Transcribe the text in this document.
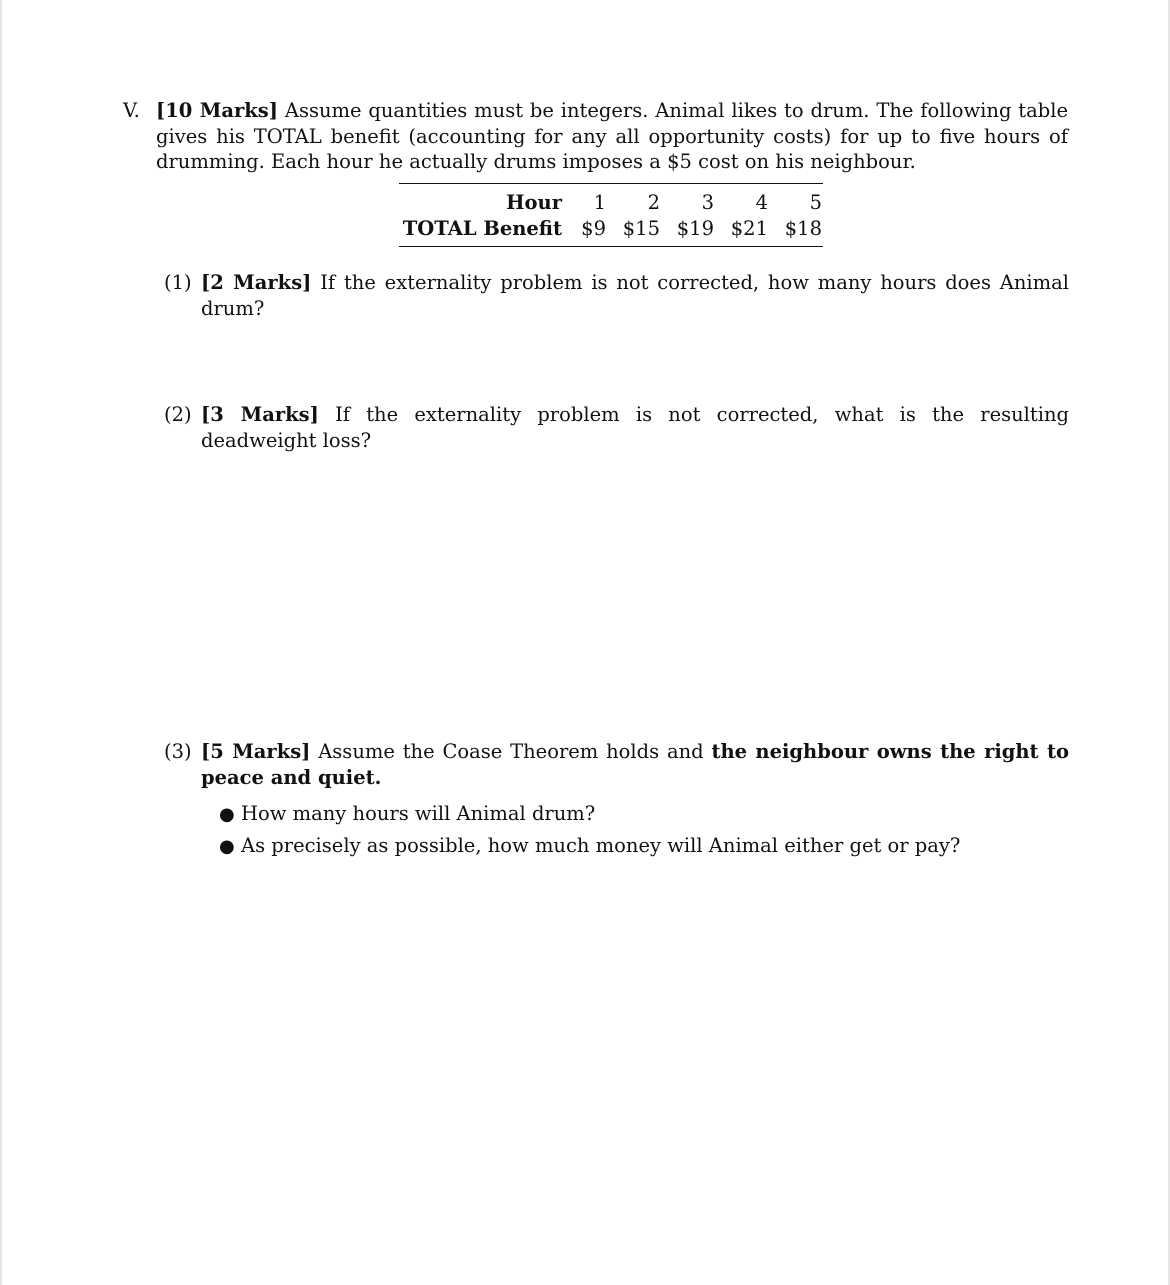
V. [10 Marks] Assume quantities must be integers. Animal likes to drum. The following table gives his TOTAL benefit (accounting for any all opportunity costs) for up to five hours of drumming. Each hour he actually drums imposes a $5 cost on his neighbour.
Hour	1	2	3	4	5
TOTAL Benefit $9 $15 $19 $21 $18
(1) [2 Marks] If the externality problem is not corrected, how many hours does Animal drum?
(2) [3 Marks] If the externality problem is not corrected, what is the resulting deadweight loss?
(3) [5 Marks] Assume the Coase Theorem holds and the neighbour owns the right to peace and quiet.
● How many hours will Animal drum?
● As precisely as possible, how much money will Animal either get or pay?
